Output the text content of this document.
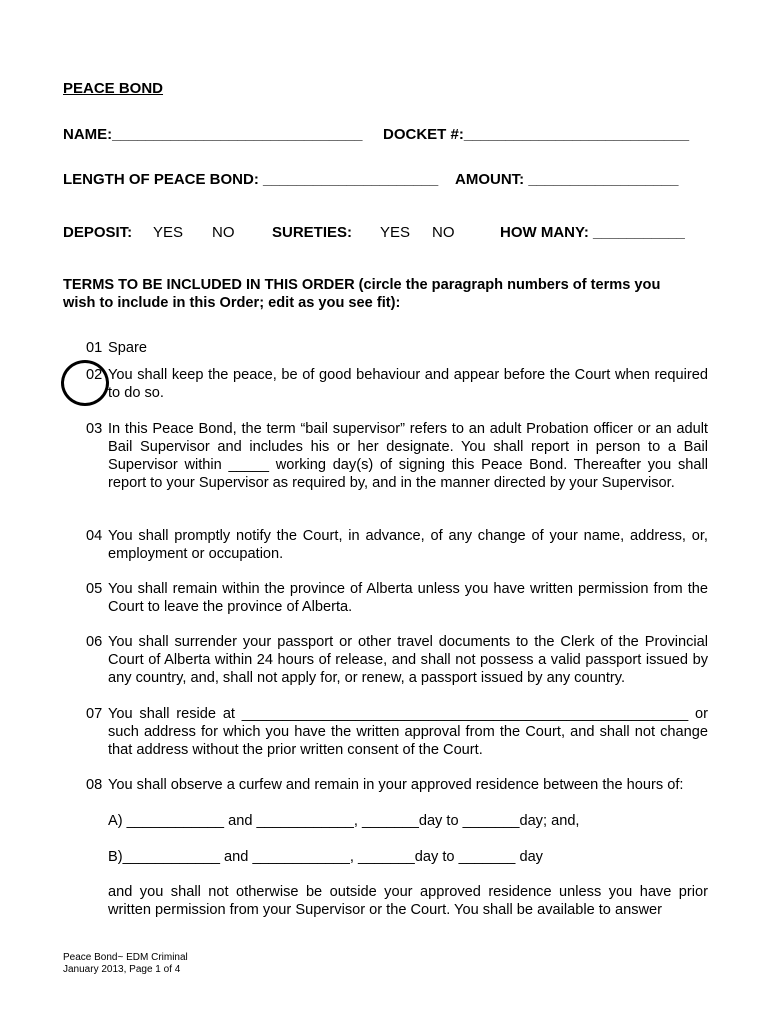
PEACE BOND
NAME:______________________________ DOCKET #:___________________________
LENGTH OF PEACE BOND: _____________________ AMOUNT: __________________
DEPOSIT: YES NO	SURETIES: YES NO	HOW MANY: ___________
TERMS TO BE INCLUDED IN THIS ORDER (circle the paragraph numbers of terms you
wish to include in this Order; edit as you see fit):
01 Spare
02 You shall keep the peace, be of good behaviour and appear before the Court when required to do so.
03 In this Peace Bond, the term “bail supervisor” refers to an adult Probation officer or an adult Bail Supervisor and includes his or her designate. You shall report in person to a Bail Supervisor within _____ working day(s) of signing this Peace Bond. Thereafter you shall report to your Supervisor as required by, and in the manner directed by your Supervisor.
04 You shall promptly notify the Court, in advance, of any change of your name, address, or, employment or occupation.
05 You shall remain within the province of Alberta unless you have written permission from the Court to leave the province of Alberta.
06 You shall surrender your passport or other travel documents to the Clerk of the Provincial Court of Alberta within 24 hours of release, and shall not possess a valid passport issued by any country, and, shall not apply for, or renew, a passport issued by any country.
07 You shall reside at _______________________________________________________ or such address for which you have the written approval from the Court, and shall not change that address without the prior written consent of the Court.
08 You shall observe a curfew and remain in your approved residence between the hours of:
A) ____________ and ____________, _______day to _______day; and,
B)____________ and ____________, _______day to _______ day
and you shall not otherwise be outside your approved residence unless you have prior written permission from your Supervisor or the Court. You shall be available to answer
Peace Bond~ EDM Criminal
January 2013, Page 1 of 4
